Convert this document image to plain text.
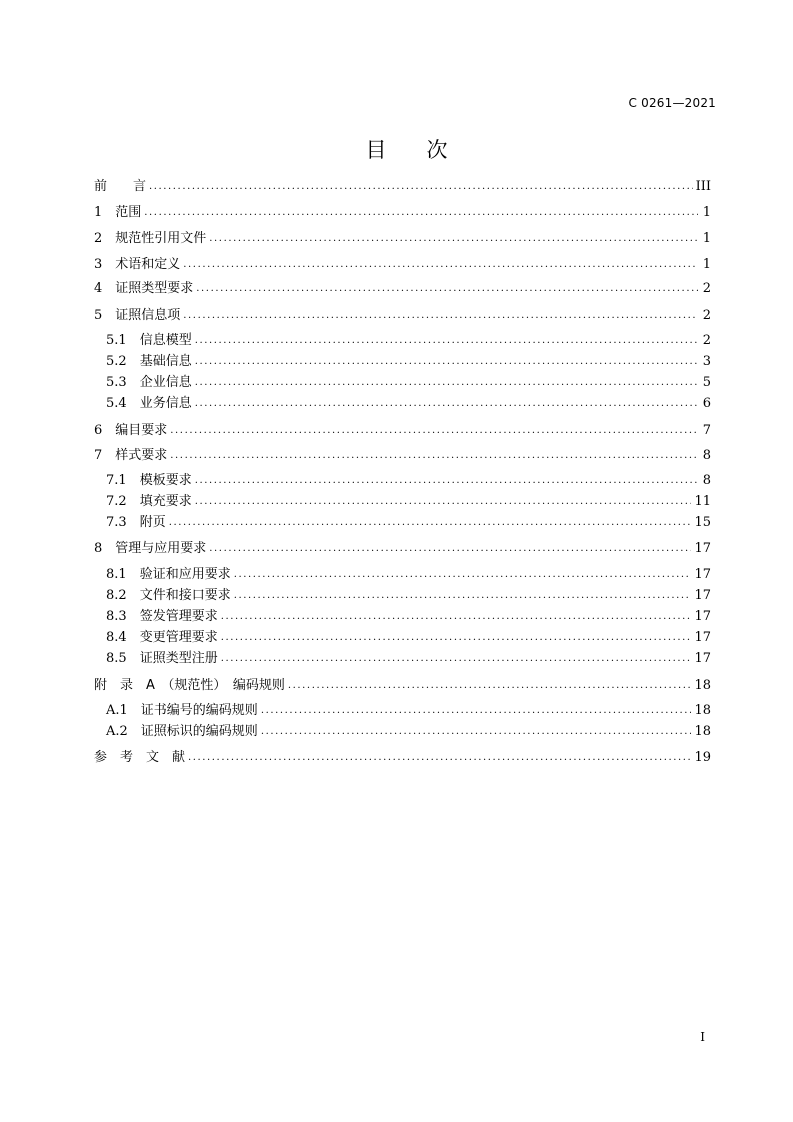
C 0261—2021
目 次
前　　言 . . .	III
1　 范围 . . .	1
2　 规范性引用文件 . . .	1
3　 术语和定义 . . .	1
4　 证照类型要求 . . .	2
5　 证照信息项 . . .	2
5.1　 信息模型 . . .	2
5.2　 基础信息 . . .	3
5.3　 企业信息 . . .	5
5.4　 业务信息 . . .	6
6　 编目要求 . . .	7
7　 样式要求 . . .	8
7.1　 模板要求 . . .	8
7.2　 填充要求 . . .	11
7.3　 附页 . . .	15
8　 管理与应用要求 . . .	17
8.1　 验证和应用要求 . . .	17
8.2　 文件和接口要求 . . .	17
8.3　 签发管理要求 . . .	17
8.4　 变更管理要求 . . .	17
8.5　 证照类型注册 . . .	17
附　录　A　（规范性）　编码规则 . . .	18
A.1　 证书编号的编码规则 . . .	18
A.2　 证照标识的编码规则 . . .	18
参　考　文　献 . . .	19
I
